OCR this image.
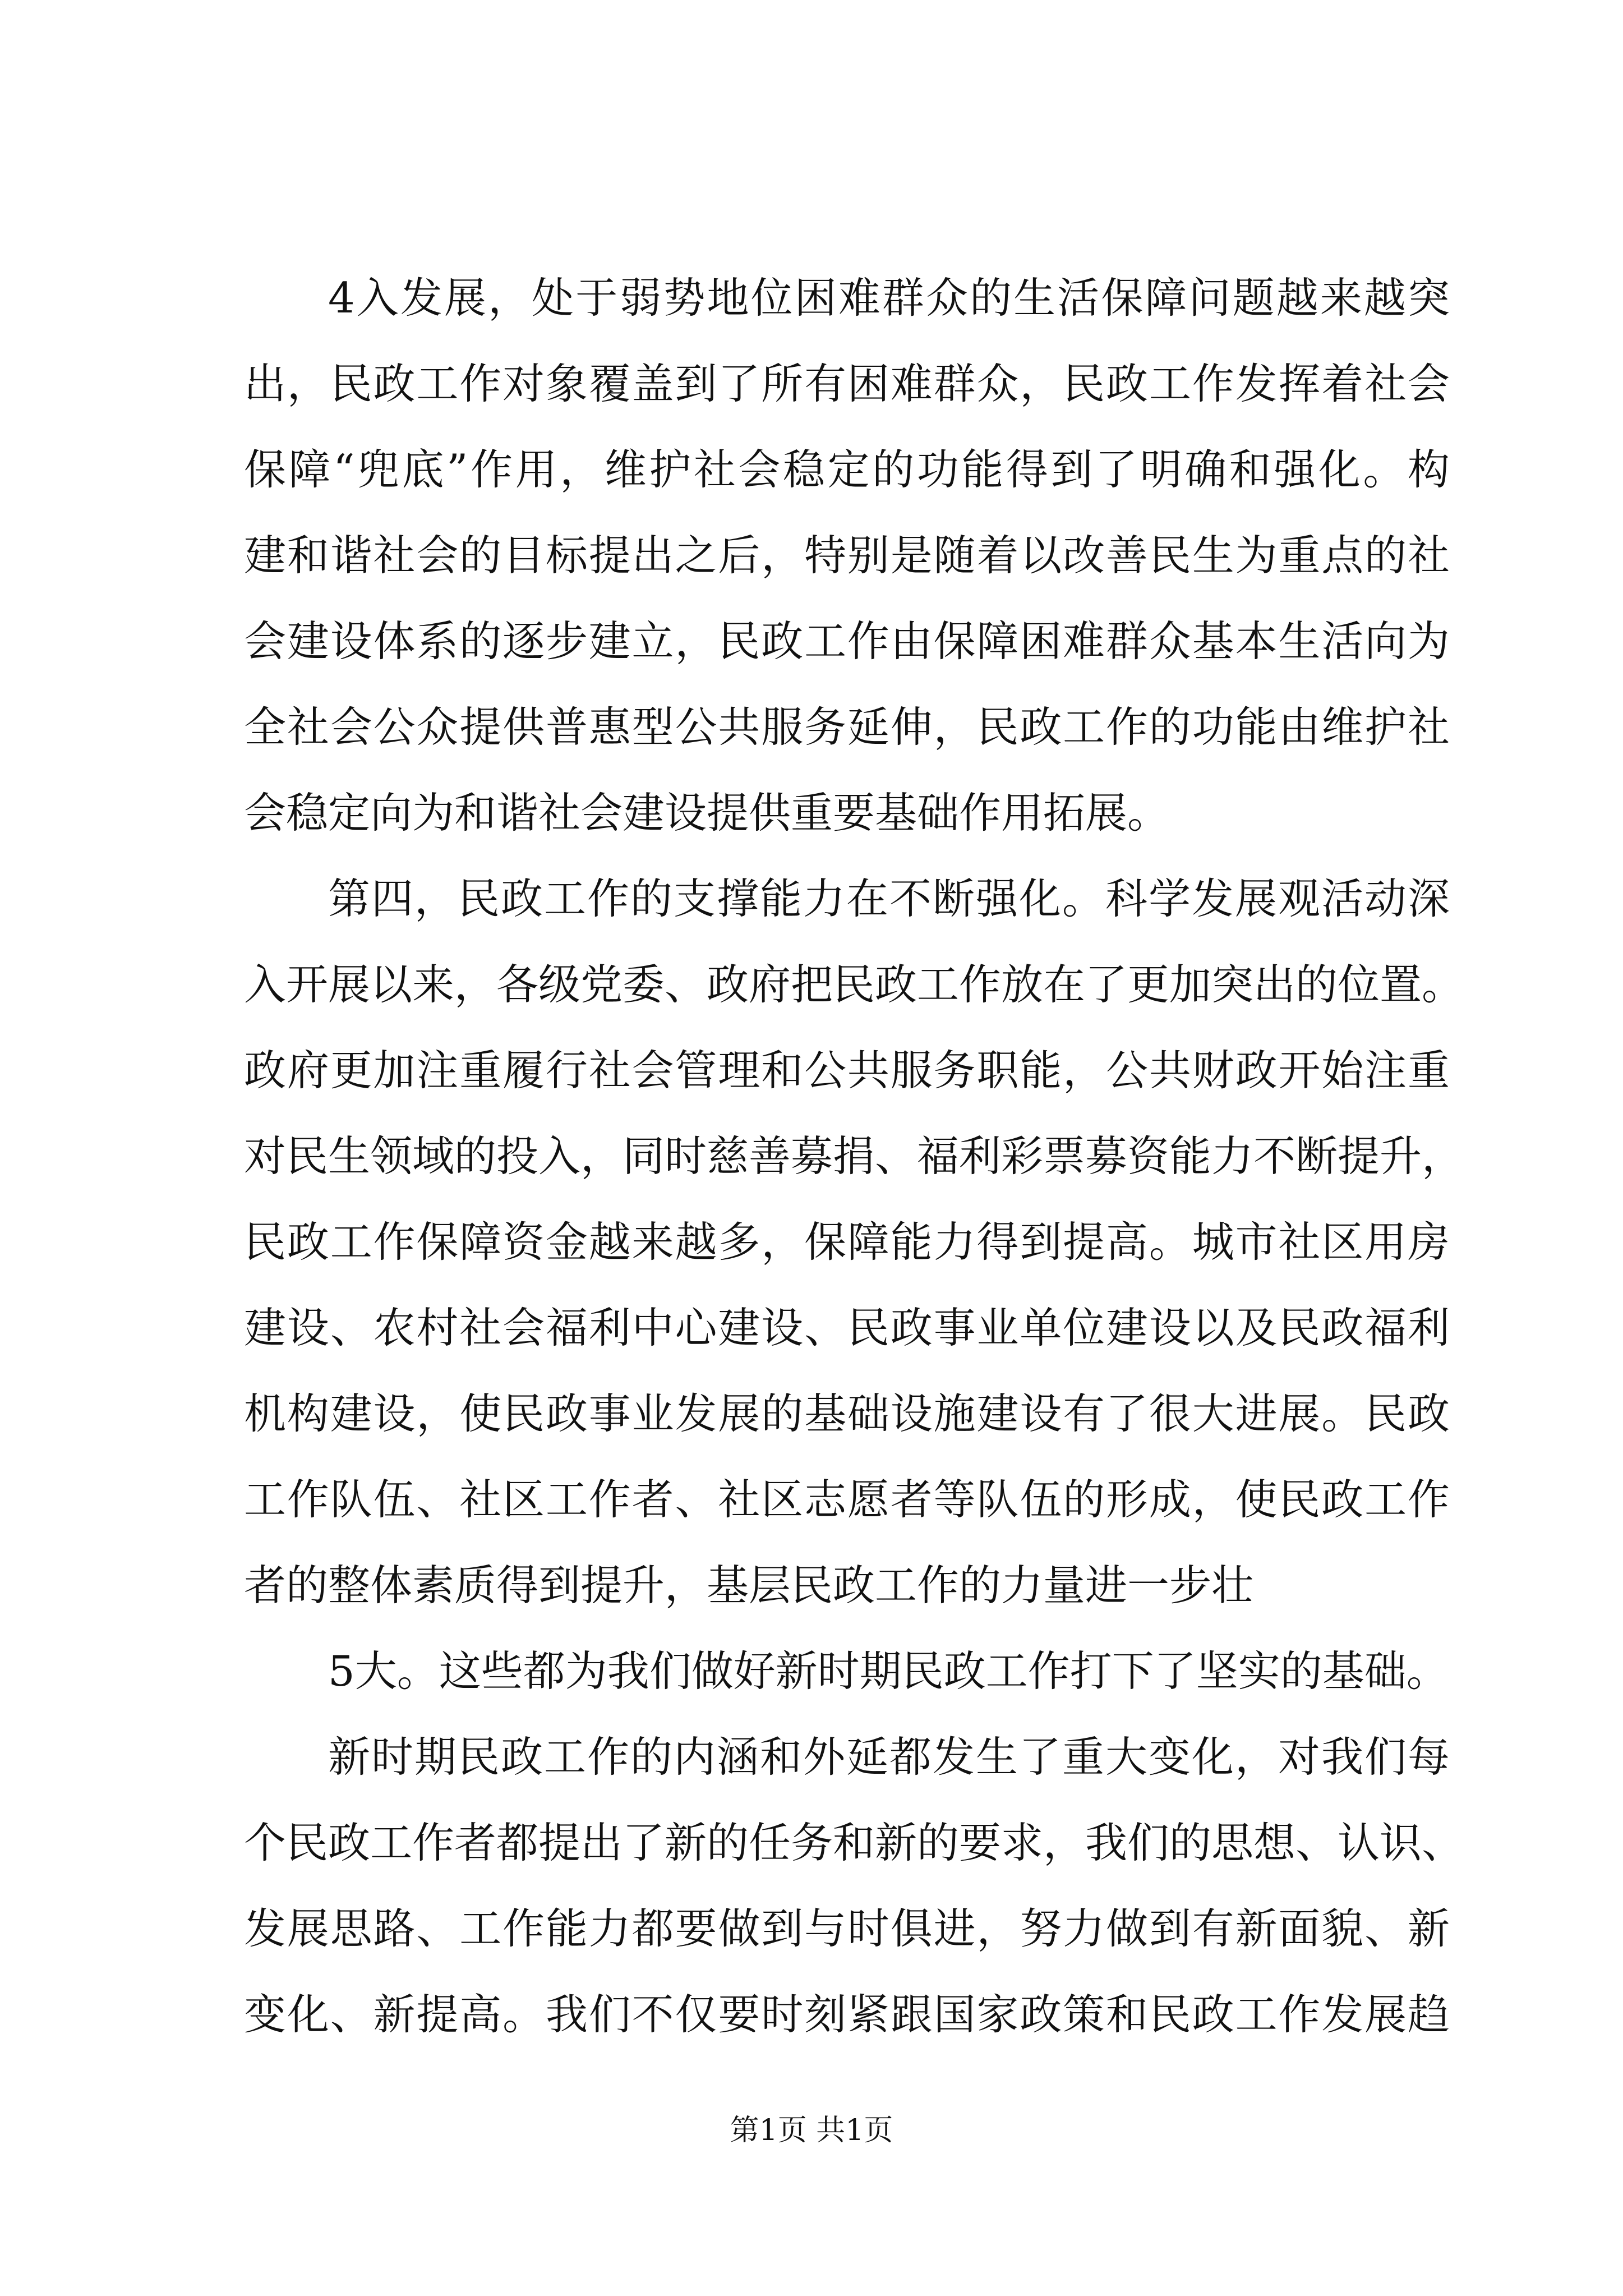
4入发展，处于弱势地位困难群众的生活保障问题越来越突

出，民政工作对象覆盖到了所有困难群众，民政工作发挥着社会

保障“兜底”作用，维护社会稳定的功能得到了明确和强化。构

建和谐社会的目标提出之后，特别是随着以改善民生为重点的社

会建设体系的逐步建立，民政工作由保障困难群众基本生活向为

全社会公众提供普惠型公共服务延伸，民政工作的功能由维护社

会稳定向为和谐社会建设提供重要基础作用拓展。

第四，民政工作的支撑能力在不断强化。科学发展观活动深

入开展以来，各级党委、政府把民政工作放在了更加突出的位置。

政府更加注重履行社会管理和公共服务职能，公共财政开始注重

对民生领域的投入，同时慈善募捐、福利彩票募资能力不断提升，

民政工作保障资金越来越多，保障能力得到提高。城市社区用房

建设、农村社会福利中心建设、民政事业单位建设以及民政福利

机构建设，使民政事业发展的基础设施建设有了很大进展。民政

工作队伍、社区工作者、社区志愿者等队伍的形成，使民政工作

者的整体素质得到提升，基层民政工作的力量进一步壮

5大。这些都为我们做好新时期民政工作打下了坚实的基础。

新时期民政工作的内涵和外延都发生了重大变化，对我们每

个民政工作者都提出了新的任务和新的要求，我们的思想、认识、

发展思路、工作能力都要做到与时俱进，努力做到有新面貌、新

变化、新提高。我们不仅要时刻紧跟国家政策和民政工作发展趋

第1页 共1页
